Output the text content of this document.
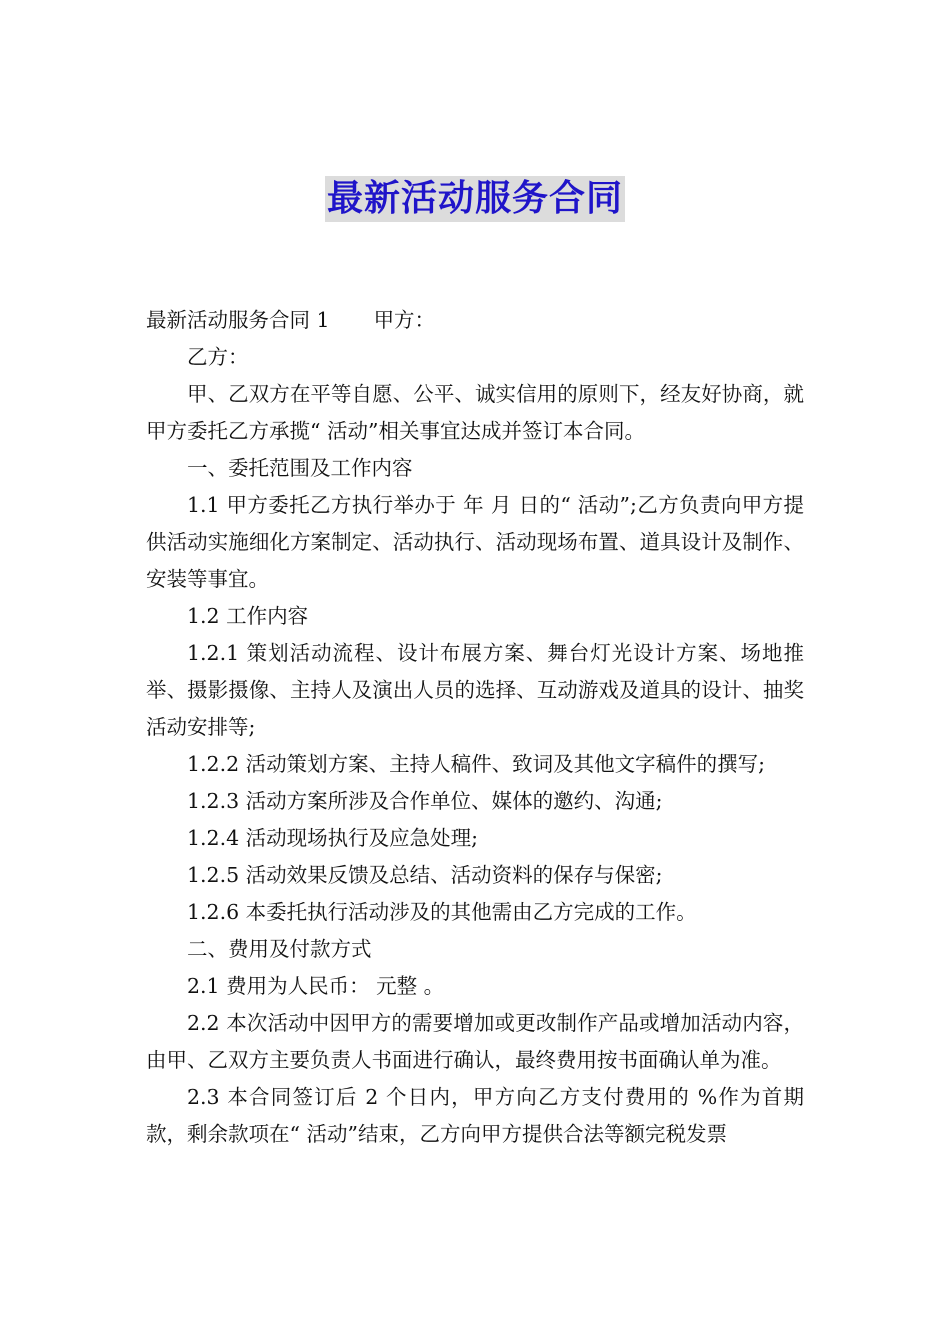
最新活动服务合同

最新活动服务合同 1 甲方：

乙方：

甲、乙双方在平等自愿、公平、诚实信用的原则下，经友好协商，就甲方委托乙方承揽“ 活动”相关事宜达成并签订本合同。

一、委托范围及工作内容

1.1 甲方委托乙方执行举办于 年 月 日的“ 活动”;乙方负责向甲方提供活动实施细化方案制定、活动执行、活动现场布置、道具设计及制作、安装等事宜。

1.2 工作内容

1.2.1 策划活动流程、设计布展方案、舞台灯光设计方案、场地推举、摄影摄像、主持人及演出人员的选择、互动游戏及道具的设计、抽奖活动安排等;

1.2.2 活动策划方案、主持人稿件、致词及其他文字稿件的撰写;

1.2.3 活动方案所涉及合作单位、媒体的邀约、沟通;

1.2.4 活动现场执行及应急处理;

1.2.5 活动效果反馈及总结、活动资料的保存与保密;

1.2.6 本委托执行活动涉及的其他需由乙方完成的工作。

二、费用及付款方式

2.1 费用为人民币： 元整 。

2.2 本次活动中因甲方的需要增加或更改制作产品或增加活动内容，由甲、乙双方主要负责人书面进行确认，最终费用按书面确认单为准。

2.3 本合同签订后 2 个日内，甲方向乙方支付费用的 %作为首期款，剩余款项在“ 活动”结束，乙方向甲方提供合法等额完税发票
